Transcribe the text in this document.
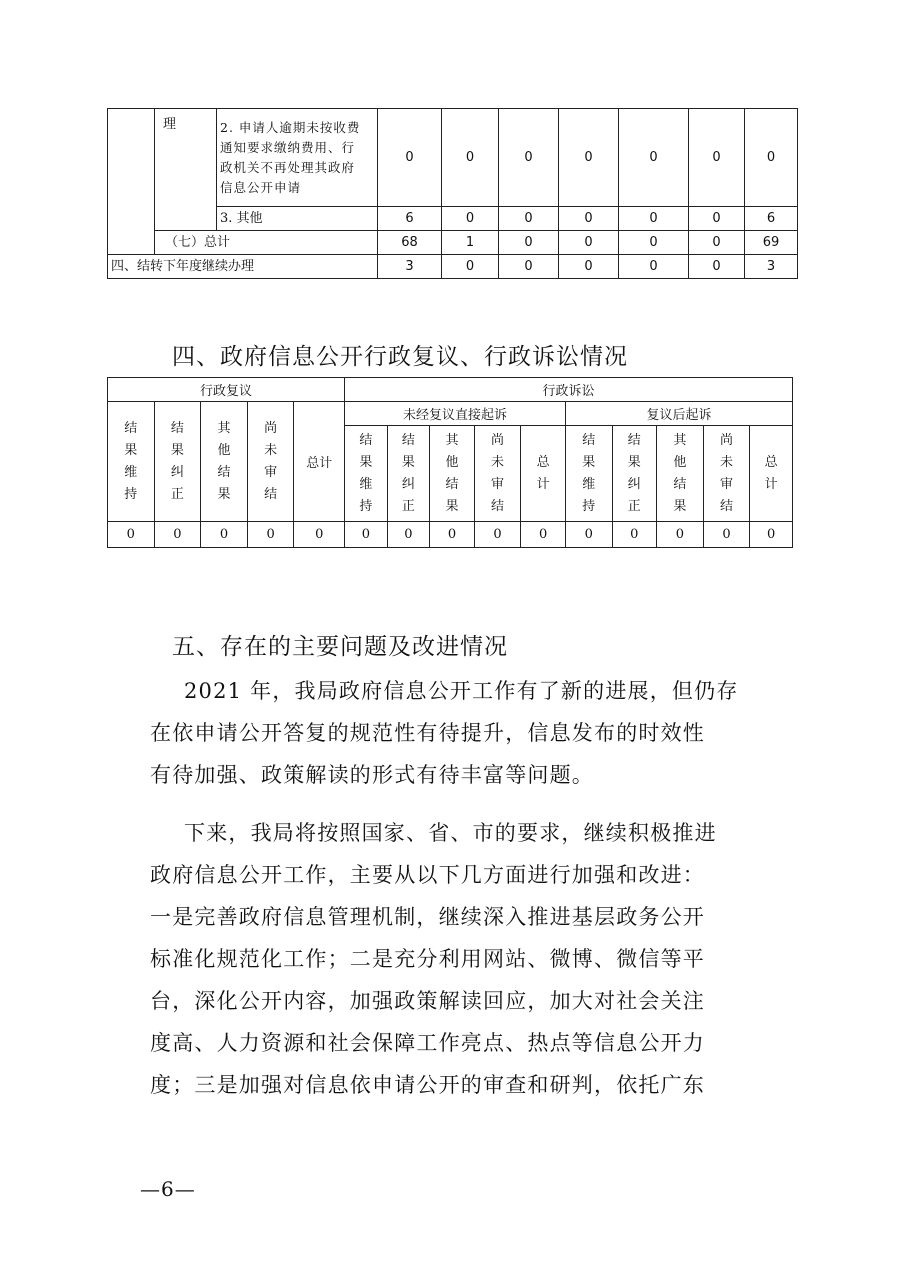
	理	2. 申请人逾期未按收费
通知要求缴纳费用、行
政机关不再处理其政府
信息公开申请	0	0	0	0	0	0	0
		3. 其他	6	0	0	0	0	0	6
	（七）总计		68	1	0	0	0	0	69
四、结转下年度继续办理			3	0	0	0	0	0	3
四、政府信息公开行政复议、行政诉讼情况
行政复议					行政诉讼									
结果维持	结果纠正	其他结果	尚未审结	总计	未经复议直接起诉					复议后起诉				
					结果维持	结果纠正	其他结果	尚未审结	总计	结果维持	结果纠正	其他结果	尚未审结	总计
0	0	0	0	0	0	0	0	0	0	0	0	0	0	0
五、存在的主要问题及改进情况
2021 年，我局政府信息公开工作有了新的进展，但仍存
在依申请公开答复的规范性有待提升，信息发布的时效性
有待加强、政策解读的形式有待丰富等问题。
下来，我局将按照国家、省、市的要求，继续积极推进
政府信息公开工作，主要从以下几方面进行加强和改进：
一是完善政府信息管理机制，继续深入推进基层政务公开
标准化规范化工作；二是充分利用网站、微博、微信等平
台，深化公开内容，加强政策解读回应，加大对社会关注
度高、人力资源和社会保障工作亮点、热点等信息公开力
度；三是加强对信息依申请公开的审查和研判，依托广东
—6—
